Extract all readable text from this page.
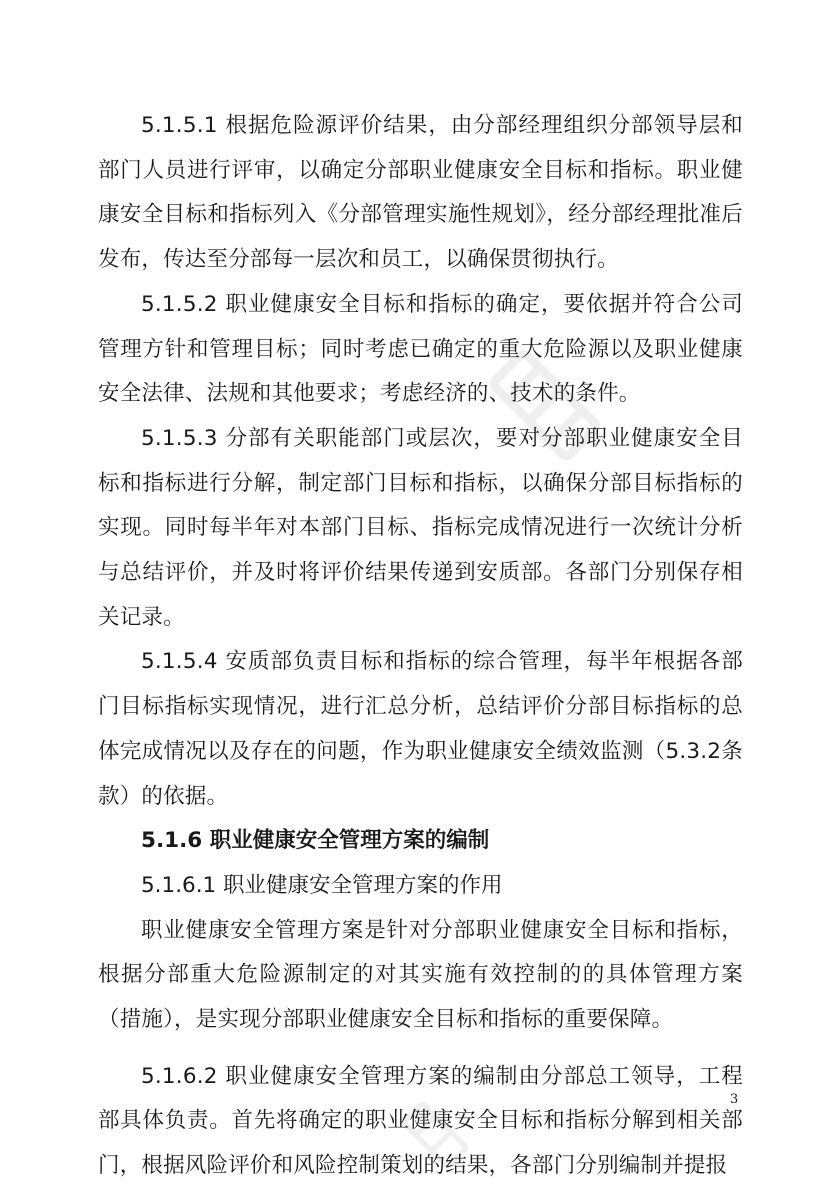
5.1.5.1 根据危险源评价结果，由分部经理组织分部领导层和部门人员进行评审，以确定分部职业健康安全目标和指标。职业健康安全目标和指标列入《分部管理实施性规划》，经分部经理批准后发布，传达至分部每一层次和员工，以确保贯彻执行。

5.1.5.2 职业健康安全目标和指标的确定，要依据并符合公司管理方针和管理目标；同时考虑已确定的重大危险源以及职业健康安全法律、法规和其他要求；考虑经济的、技术的条件。

5.1.5.3 分部有关职能部门或层次，要对分部职业健康安全目标和指标进行分解，制定部门目标和指标，以确保分部目标指标的实现。同时每半年对本部门目标、指标完成情况进行一次统计分析与总结评价，并及时将评价结果传递到安质部。各部门分别保存相关记录。

5.1.5.4 安质部负责目标和指标的综合管理，每半年根据各部门目标指标实现情况，进行汇总分析，总结评价分部目标指标的总体完成情况以及存在的问题，作为职业健康安全绩效监测（5.3.2条款）的依据。

5.1.6 职业健康安全管理方案的编制

5.1.6.1 职业健康安全管理方案的作用

职业健康安全管理方案是针对分部职业健康安全目标和指标，根据分部重大危险源制定的对其实施有效控制的的具体管理方案（措施），是实现分部职业健康安全目标和指标的重要保障。

5.1.6.2 职业健康安全管理方案的编制由分部总工领导，工程部具体负责。首先将确定的职业健康安全目标和指标分解到相关部门，根据风险评价和风险控制策划的结果，各部门分别编制并提报

3
